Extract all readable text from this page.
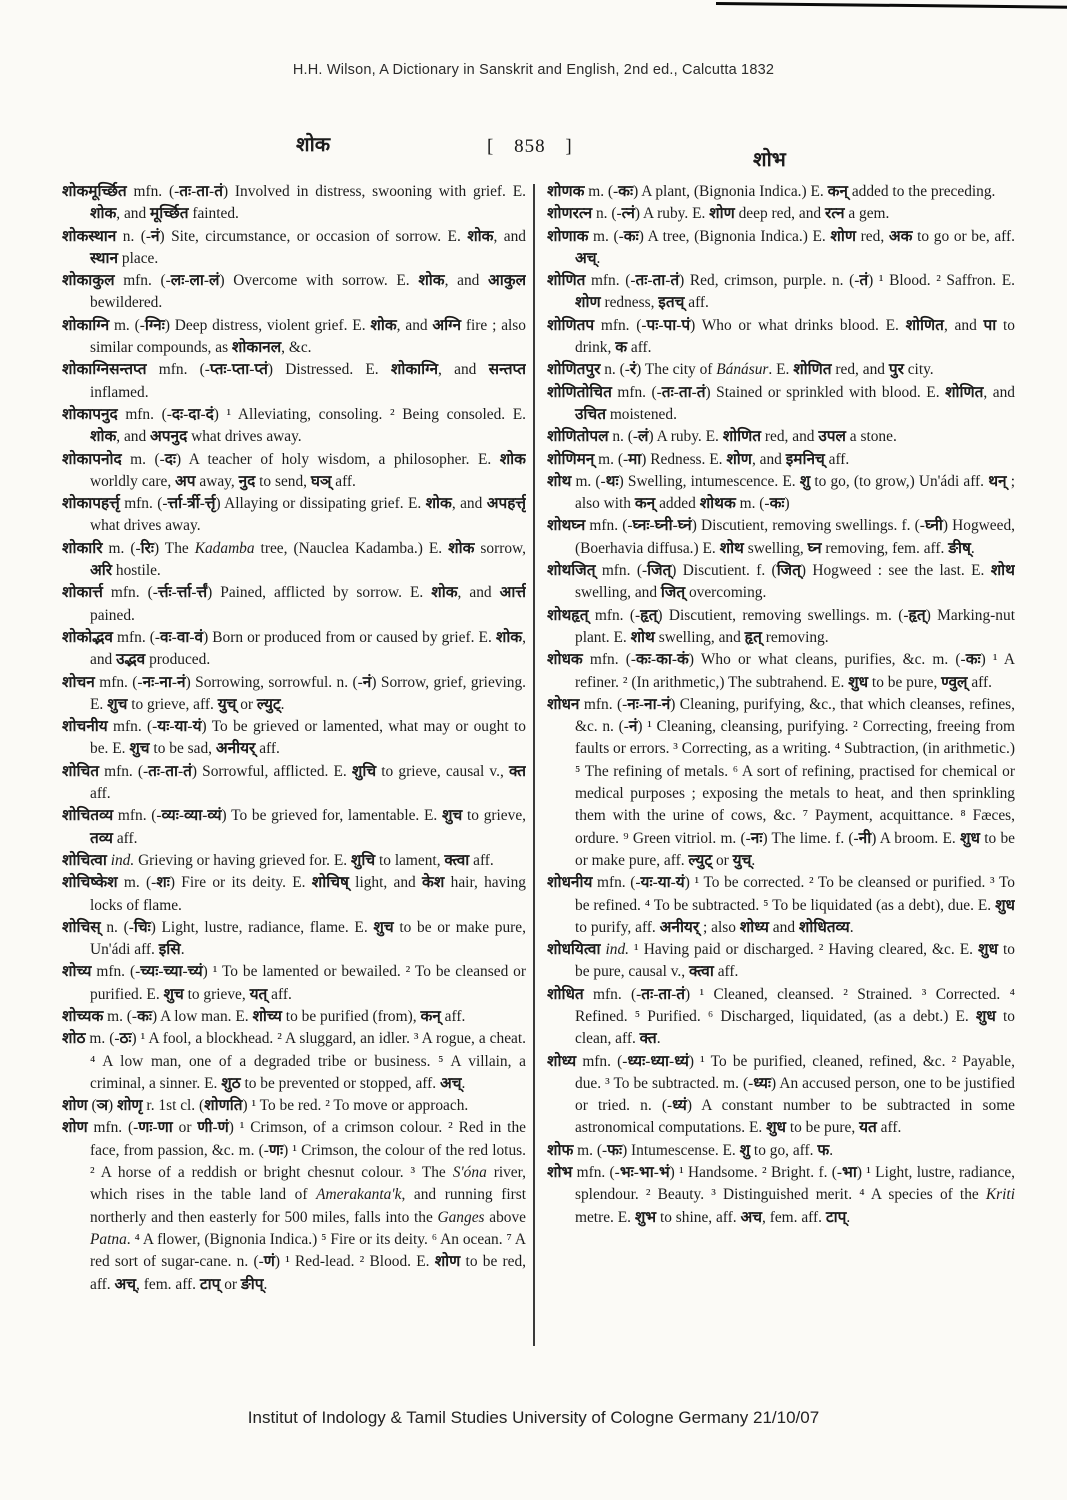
H.H. Wilson, A Dictionary in Sanskrit and English, 2nd ed., Calcutta 1832
शोक	[ 858 ]
शोभ

शोकमूर्च्छित mfn. (-तः-ता-तं) Involved in distress, swooning with grief. E. शोक, and मूर्च्छित fainted.

शोकस्थान n. (-नं) Site, circumstance, or occasion of sorrow. E. शोक, and स्थान place.

शोकाकुल mfn. (-लः-ला-लं) Overcome with sorrow. E. शोक, and आकुल bewildered.

शोकाग्नि m. (-ग्निः) Deep distress, violent grief. E. शोक, and अग्नि fire ; also similar compounds, as शोकानल, &c.

शोकाग्निसन्तप्त mfn. (-प्तः-प्ता-प्तं) Distressed. E. शोकाग्नि, and सन्तप्त inflamed.

शोकापनुद mfn. (-दः-दा-दं) ¹ Alleviating, consoling. ² Being consoled. E. शोक, and अपनुद what drives away.

शोकापनोद m. (-दः) A teacher of holy wisdom, a philosopher. E. शोक worldly care, अप away, नुद to send, घञ् aff.

शोकापहर्त्तृ mfn. (-र्त्ता-र्त्री-र्त्तृ) Allaying or dissipating grief. E. शोक, and अपहर्त्तृ what drives away.

शोकारि m. (-रिः) The Kadamba tree, (Nauclea Kadamba.) E. शोक sorrow, अरि hostile.

शोकार्त्त mfn. (-र्त्तः-र्त्ता-र्त्तं) Pained, afflicted by sorrow. E. शोक, and आर्त्त pained.

शोकोद्भव mfn. (-वः-वा-वं) Born or produced from or caused by grief. E. शोक, and उद्भव produced.

शोचन mfn. (-नः-ना-नं) Sorrowing, sorrowful. n. (-नं) Sorrow, grief, grieving. E. शुच to grieve, aff. युच् or ल्युट्.

शोचनीय mfn. (-यः-या-यं) To be grieved or lamented, what may or ought to be. E. शुच to be sad, अनीयर् aff.

शोचित mfn. (-तः-ता-तं) Sorrowful, afflicted. E. शुचि to grieve, causal v., क्त aff.

शोचितव्य mfn. (-व्यः-व्या-व्यं) To be grieved for, lamentable. E. शुच to grieve, तव्य aff.

शोचित्वा ind. Grieving or having grieved for. E. शुचि to lament, क्त्वा aff.

शोचिष्केश m. (-शः) Fire or its deity. E. शोचिष् light, and केश hair, having locks of flame.

शोचिस् n. (-चिः) Light, lustre, radiance, flame. E. शुच to be or make pure, Un'ádi aff. इसि.

शोच्य mfn. (-च्यः-च्या-च्यं) ¹ To be lamented or bewailed. ² To be cleansed or purified. E. शुच to grieve, यत् aff.

शोच्यक m. (-कः) A low man. E. शोच्य to be purified (from), कन् aff.

शोठ m. (-ठः) ¹ A fool, a blockhead. ² A sluggard, an idler. ³ A rogue, a cheat. ⁴ A low man, one of a degraded tribe or business. ⁵ A villain, a criminal, a sinner. E. शुठ to be prevented or stopped, aff. अच्.

शोण (ञ) शोणृ r. 1st cl. (शोणति) ¹ To be red. ² To move or approach.

शोण mfn. (-णः-णा or णी-णं) ¹ Crimson, of a crimson colour. ² Red in the face, from passion, &c. m. (-णः) ¹ Crimson, the colour of the red lotus. ² A horse of a reddish or bright chesnut colour. ³ The S'óna river, which rises in the table land of Amerakanta'k, and running first northerly and then easterly for 500 miles, falls into the Ganges above Patna. ⁴ A flower, (Bignonia Indica.) ⁵ Fire or its deity. ⁶ An ocean. ⁷ A red sort of sugar-cane. n. (-णं) ¹ Red-lead. ² Blood. E. शोण to be red, aff. अच्, fem. aff. टाप् or ङीप्.

शोणक m. (-कः) A plant, (Bignonia Indica.) E. कन् added to the preceding.

शोणरत्न n. (-त्नं) A ruby. E. शोण deep red, and रत्न a gem.

शोणाक m. (-कः) A tree, (Bignonia Indica.) E. शोण red, अक to go or be, aff. अच्.

शोणित mfn. (-तः-ता-तं) Red, crimson, purple. n. (-तं) ¹ Blood. ² Saffron. E. शोण redness, इतच् aff.

शोणितप mfn. (-पः-पा-पं) Who or what drinks blood. E. शोणित, and पा to drink, क aff.

शोणितपुर n. (-रं) The city of Bánásur. E. शोणित red, and पुर city.

शोणितोचित mfn. (-तः-ता-तं) Stained or sprinkled with blood. E. शोणित, and उचित moistened.

शोणितोपल n. (-लं) A ruby. E. शोणित red, and उपल a stone.

शोणिमन् m. (-मा) Redness. E. शोण, and इमनिच् aff.

शोथ m. (-थः) Swelling, intumescence. E. शु to go, (to grow,) Un'ádi aff. थन् ; also with कन् added शोथक m. (-कः)

शोथघ्न mfn. (-घ्नः-घ्नी-घ्नं) Discutient, removing swellings. f. (-घ्नी) Hogweed, (Boerhavia diffusa.) E. शोथ swelling, घ्न removing, fem. aff. ङीष्.

शोथजित् mfn. (-जित्) Discutient. f. (जित्) Hogweed : see the last. E. शोथ swelling, and जित् overcoming.

शोथहृत् mfn. (-हृत्) Discutient, removing swellings. m. (-हृत्) Marking-nut plant. E. शोथ swelling, and हृत् removing.

शोधक mfn. (-कः-का-कं) Who or what cleans, purifies, &c. m. (-कः) ¹ A refiner. ² (In arithmetic,) The subtrahend. E. शुध to be pure, ण्वुल् aff.

शोधन mfn. (-नः-ना-नं) Cleaning, purifying, &c., that which cleanses, refines, &c. n. (-नं) ¹ Cleaning, cleansing, purifying. ² Correcting, freeing from faults or errors. ³ Correcting, as a writing. ⁴ Subtraction, (in arithmetic.) ⁵ The refining of metals. ⁶ A sort of refining, practised for chemical or medical purposes ; exposing the metals to heat, and then sprinkling them with the urine of cows, &c. ⁷ Payment, acquittance. ⁸ Fæces, ordure. ⁹ Green vitriol. m. (-नः) The lime. f. (-नी) A broom. E. शुध to be or make pure, aff. ल्युट् or युच्.

शोधनीय mfn. (-यः-या-यं) ¹ To be corrected. ² To be cleansed or purified. ³ To be refined. ⁴ To be subtracted. ⁵ To be liquidated (as a debt), due. E. शुध to purify, aff. अनीयर् ; also शोध्य and शोधितव्य.

शोधयित्वा ind. ¹ Having paid or discharged. ² Having cleared, &c. E. शुध to be pure, causal v., क्त्वा aff.

शोधित mfn. (-तः-ता-तं) ¹ Cleaned, cleansed. ² Strained. ³ Corrected. ⁴ Refined. ⁵ Purified. ⁶ Discharged, liquidated, (as a debt.) E. शुध to clean, aff. क्त.

शोध्य mfn. (-ध्यः-ध्या-ध्यं) ¹ To be purified, cleaned, refined, &c. ² Payable, due. ³ To be subtracted. m. (-ध्यः) An accused person, one to be justified or tried. n. (-ध्यं) A constant number to be subtracted in some astronomical computations. E. शुध to be pure, यत aff.

शोफ m. (-फः) Intumescense. E. शु to go, aff. फ.

शोभ mfn. (-भः-भा-भं) ¹ Handsome. ² Bright. f. (-भा) ¹ Light, lustre, radiance, splendour. ² Beauty. ³ Distinguished merit. ⁴ A species of the Kriti metre. E. शुभ to shine, aff. अच, fem. aff. टाप्.

Institut of Indology & Tamil Studies University of Cologne Germany 21/10/07
